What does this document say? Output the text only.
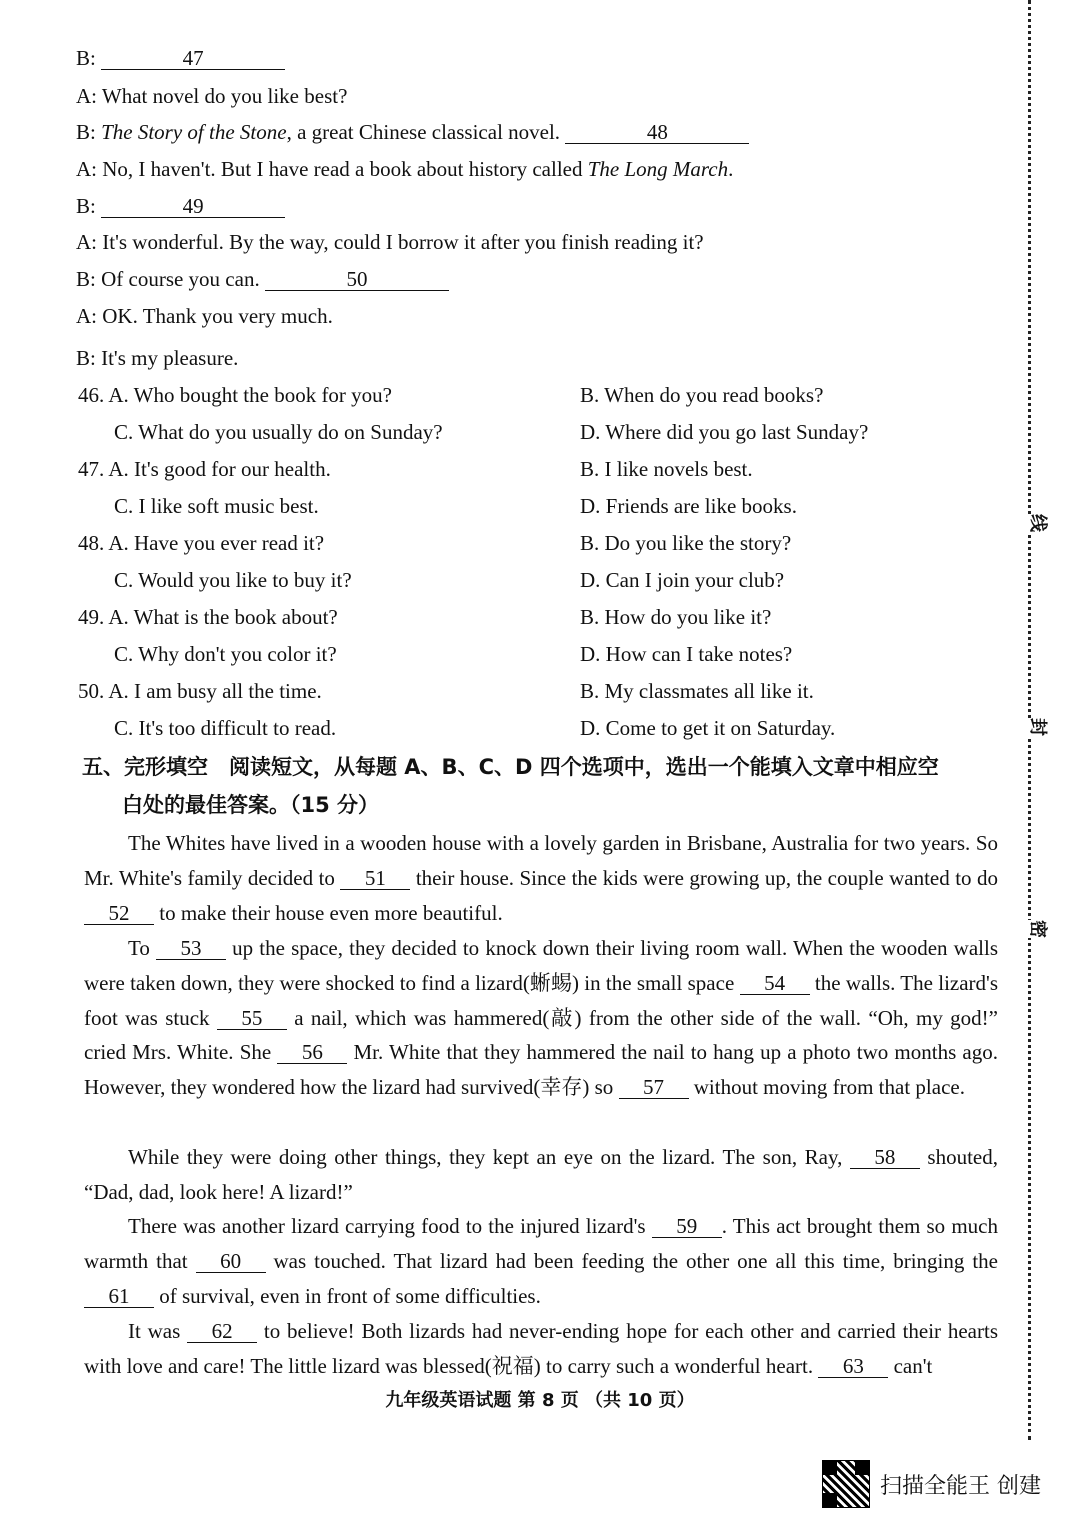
B:	47
A: What novel do you like best?
B: The Story of the Stone, a great Chinese classical novel.	48
A: No, I haven't. But I have read a book about history called The Long March.
B:	49
A: It's wonderful. By the way, could I borrow it after you finish reading it?
B: Of course you can.	50
A: OK. Thank you very much.
B: It's my pleasure.
46. A. Who bought the book for you?	B. When do you read books?
C. What do you usually do on Sunday?	D. Where did you go last Sunday?
47. A. It's good for our health.	B. I like novels best.
C. I like soft music best.	D. Friends are like books.
48. A. Have you ever read it?	B. Do you like the story?
C. Would you like to buy it?	D. Can I join your club?
49. A. What is the book about?	B. How do you like it?
C. Why don't you color it?	D. How can I take notes?
50. A. I am busy all the time.	B. My classmates all like it.
C. It's too difficult to read.	D. Come to get it on Saturday.
五、完形填空　阅读短文，从每题 A、B、C、D 四个选项中，选出一个能填入文章中相应空
白处的最佳答案。（15 分）
The Whites have lived in a wooden house with a lovely garden in Brisbane, Australia for two years. So Mr. White's family decided to 51 their house. Since the kids were growing up, the couple wanted to do 52 to make their house even more beautiful.
To 53 up the space, they decided to knock down their living room wall. When the wooden walls were taken down, they were shocked to find a lizard(蜥蜴) in the small space 54 the walls. The lizard's foot was stuck 55 a nail, which was hammered(敲) from the other side of the wall. “Oh, my god!” cried Mrs. White. She 56 Mr. White that they hammered the nail to hang up a photo two months ago. However, they wondered how the lizard had survived(幸存) so 57 without moving from that place.
While they were doing other things, they kept an eye on the lizard. The son, Ray, 58 shouted, “Dad, dad, look here! A lizard!”
There was another lizard carrying food to the injured lizard's 59 . This act brought them so much warmth that 60 was touched. That lizard had been feeding the other one all this time, bringing the 61 of survival, even in front of some difficulties.
It was 62 to believe! Both lizards had never-ending hope for each other and carried their hearts with love and care! The little lizard was blessed(祝福) to carry such a wonderful heart. 63 can't
九年级英语试题 第 8 页 （共 10 页）
线
封
密
扫描全能王 创建
